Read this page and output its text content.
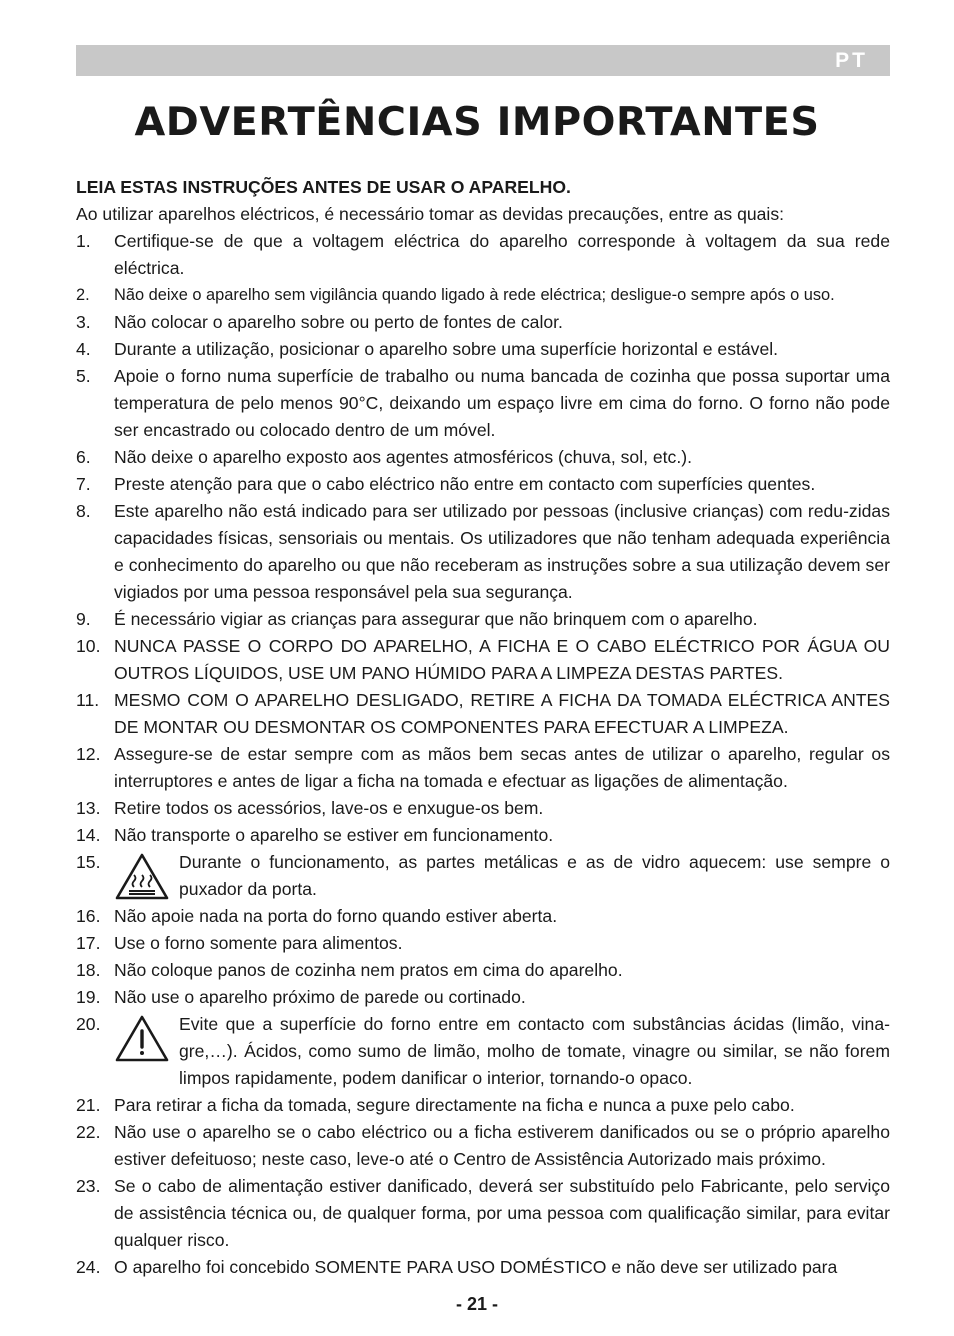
PT
ADVERTÊNCIAS IMPORTANTES

LEIA ESTAS INSTRUÇÕES ANTES DE USAR O APARELHO.

Ao utilizar aparelhos eléctricos, é necessário tomar as devidas precauções, entre as quais:

1. Certifique-se de que a voltagem eléctrica do aparelho corresponde à voltagem da sua rede eléctrica.
2. Não deixe o aparelho sem vigilância quando ligado à rede eléctrica; desligue-o sempre após o uso.
3. Não colocar o aparelho sobre ou perto de fontes de calor.
4. Durante a utilização, posicionar o aparelho sobre uma superfície horizontal e estável.
5. Apoie o forno numa superfície de trabalho ou numa bancada de cozinha que possa suportar uma temperatura de pelo menos 90°C, deixando um espaço livre em cima do forno. O forno não pode ser encastrado ou colocado dentro de um móvel.
6. Não deixe o aparelho exposto aos agentes atmosféricos (chuva, sol, etc.).
7. Preste atenção para que o cabo eléctrico não entre em contacto com superfícies quentes.
8. Este aparelho não está indicado para ser utilizado por pessoas (inclusive crianças) com redu-zidas capacidades físicas, sensoriais ou mentais. Os utilizadores que não tenham adequada experiência e conhecimento do aparelho ou que não receberam as instruções sobre a sua utilização devem ser vigiados por uma pessoa responsável pela sua segurança.
9. É necessário vigiar as crianças para assegurar que não brinquem com o aparelho.
10. NUNCA PASSE O CORPO DO APARELHO, A FICHA E O CABO ELÉCTRICO POR ÁGUA OU OUTROS LÍQUIDOS, USE UM PANO HÚMIDO PARA A LIMPEZA DESTAS PARTES.
11. MESMO COM O APARELHO DESLIGADO, RETIRE A FICHA DA TOMADA ELÉCTRICA ANTES DE MONTAR OU DESMONTAR OS COMPONENTES PARA EFECTUAR A LIMPEZA.
12. Assegure-se de estar sempre com as mãos bem secas antes de utilizar o aparelho, regular os interruptores e antes de ligar a ficha na tomada e efectuar as ligações de alimentação.
13. Retire todos os acessórios, lave-os e enxugue-os bem.
14. Não transporte o aparelho se estiver em funcionamento.
15.	Durante o funcionamento, as partes metálicas e as de vidro aquecem: use sempre o puxador da porta.
16. Não apoie nada na porta do forno quando estiver aberta.
17. Use o forno somente para alimentos.
18. Não coloque panos de cozinha nem pratos em cima do aparelho.
19. Não use o aparelho próximo de parede ou cortinado.
20.	Evite que a superfície do forno entre em contacto com substâncias ácidas (limão, vina-gre,…). Ácidos, como sumo de limão, molho de tomate, vinagre ou similar, se não forem limpos rapidamente, podem danificar o interior, tornando-o opaco.
21. Para retirar a ficha da tomada, segure directamente na ficha e nunca a puxe pelo cabo.
22. Não use o aparelho se o cabo eléctrico ou a ficha estiverem danificados ou se o próprio aparelho estiver defeituoso; neste caso, leve-o até o Centro de Assistência Autorizado mais próximo.
23. Se o cabo de alimentação estiver danificado, deverá ser substituído pelo Fabricante, pelo serviço de assistência técnica ou, de qualquer forma, por uma pessoa com qualificação similar, para evitar qualquer risco.
24. O aparelho foi concebido SOMENTE PARA USO DOMÉSTICO e não deve ser utilizado para
- 21 -
